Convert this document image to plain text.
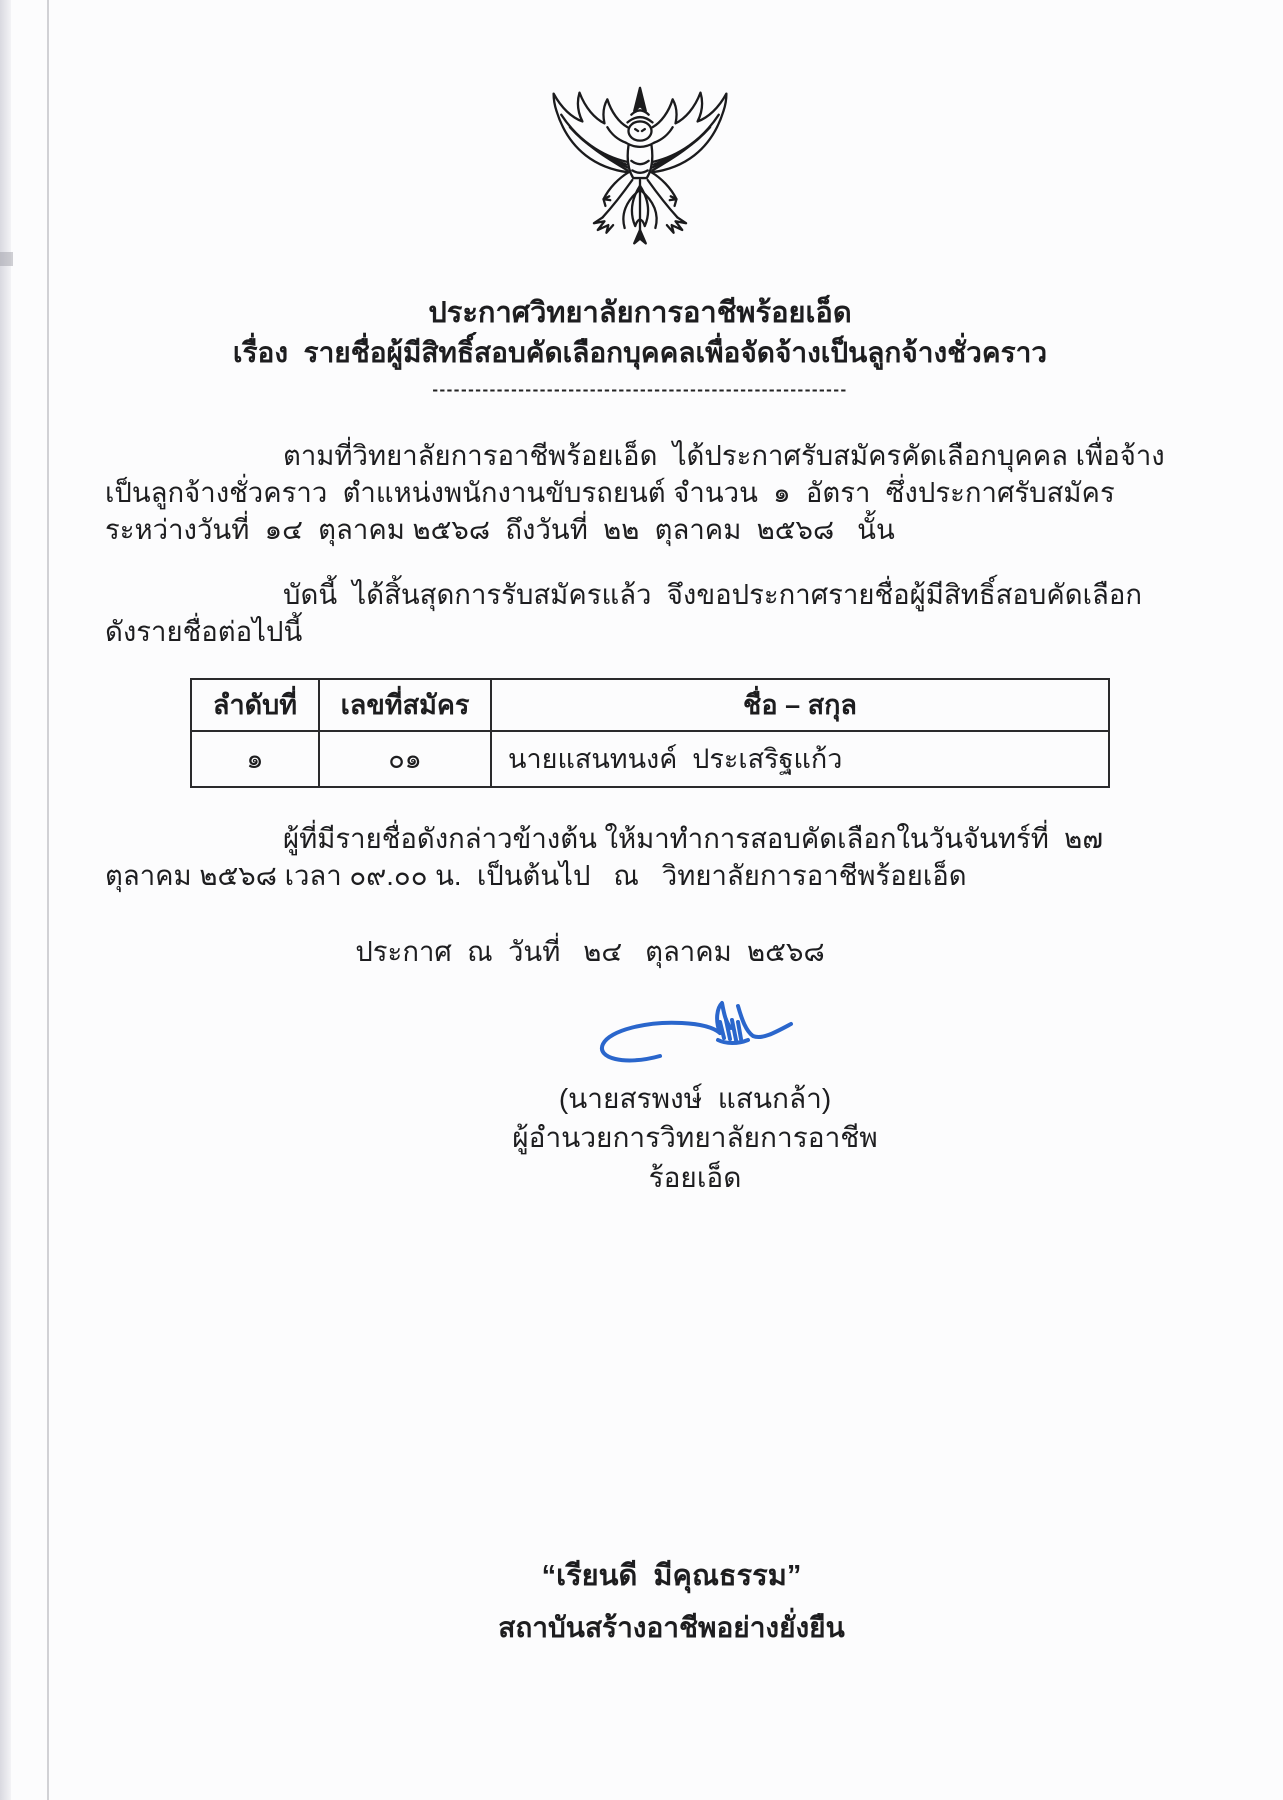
ประกาศวิทยาลัยการอาชีพร้อยเอ็ด
เรื่อง  รายชื่อผู้มีสิทธิ์สอบคัดเลือกบุคคลเพื่อจัดจ้างเป็นลูกจ้างชั่วคราว
----------------------------------------------------------

ตามที่วิทยาลัยการอาชีพร้อยเอ็ด  ได้ประกาศรับสมัครคัดเลือกบุคคล เพื่อจ้างเป็นลูกจ้างชั่วคราว  ตำแหน่งพนักงานขับรถยนต์ จำนวน  ๑  อัตรา  ซึ่งประกาศรับสมัครระหว่างวันที่  ๑๔  ตุลาคม ๒๕๖๘  ถึงวันที่  ๒๒  ตุลาคม  ๒๕๖๘   นั้น

บัดนี้  ได้สิ้นสุดการรับสมัครแล้ว  จึงขอประกาศรายชื่อผู้มีสิทธิ์สอบคัดเลือก  ดังรายชื่อต่อไปนี้

ลำดับที่	เลขที่สมัคร	ชื่อ – สกุล
๑	๐๑	นายแสนทนงค์  ประเสริฐแก้ว

ผู้ที่มีรายชื่อดังกล่าวข้างต้น ให้มาทำการสอบคัดเลือกในวันจันทร์ที่  ๒๗  ตุลาคม ๒๕๖๘ เวลา ๐๙.๐๐ น.  เป็นต้นไป   ณ   วิทยาลัยการอาชีพร้อยเอ็ด

ประกาศ  ณ  วันที่   ๒๔   ตุลาคม  ๒๕๖๘
(นายสรพงษ์  แสนกล้า)
ผู้อำนวยการวิทยาลัยการอาชีพร้อยเอ็ด
“เรียนดี  มีคุณธรรม”
สถาบันสร้างอาชีพอย่างยั่งยืน
